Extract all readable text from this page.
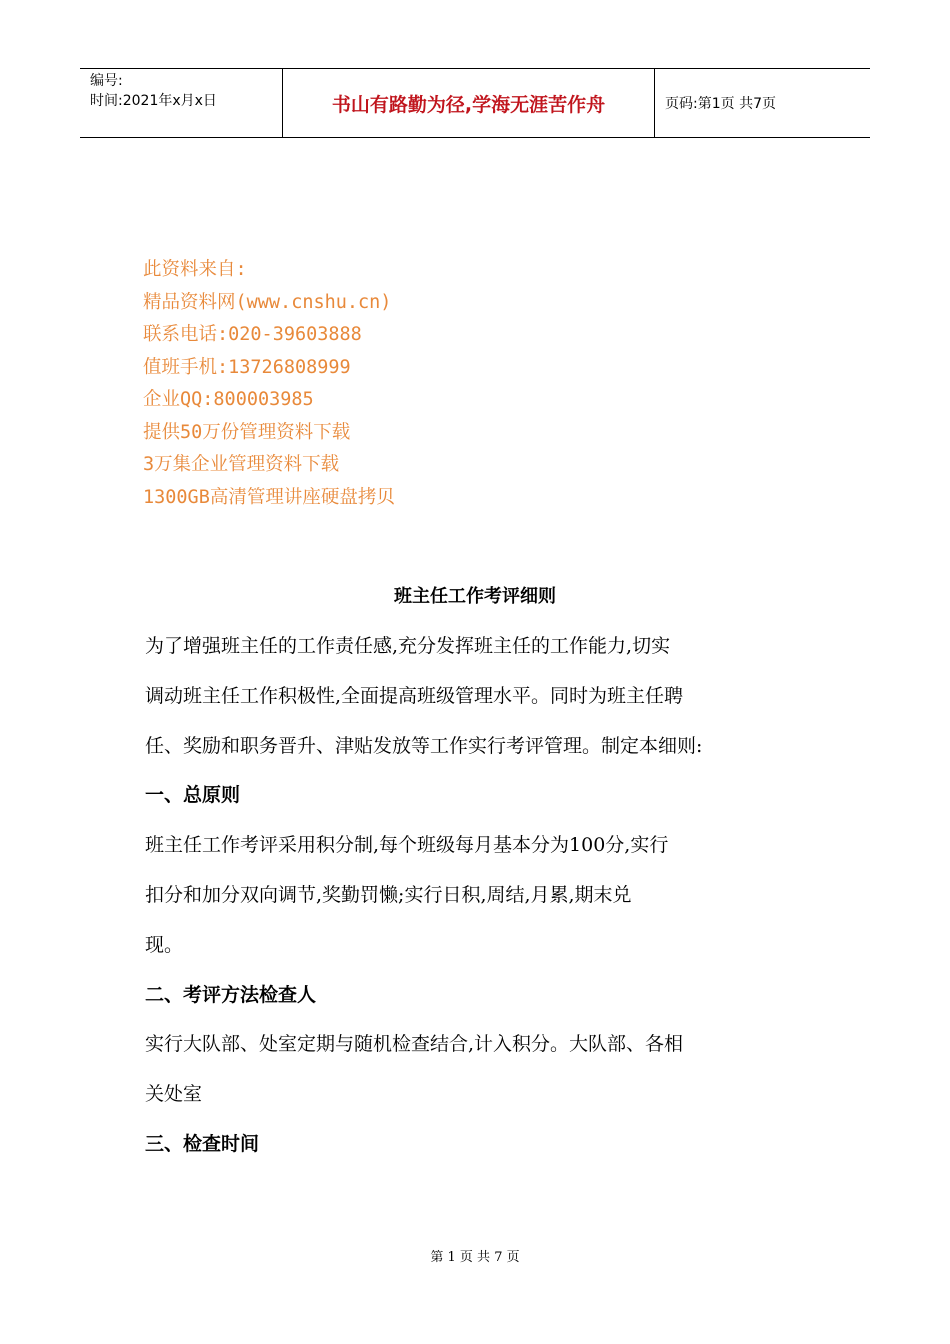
编号:
时间:2021年x月x日	书山有路勤为径,学海无涯苦作舟	页码:第1页 共7页
此资料来自:
精品资料网(www.cnshu.cn)
联系电话:020-39603888
值班手机:13726808999
企业QQ:800003985
提供50万份管理资料下载
3万集企业管理资料下载
1300GB高清管理讲座硬盘拷贝
班主任工作考评细则
为了增强班主任的工作责任感,充分发挥班主任的工作能力,切实
调动班主任工作积极性,全面提高班级管理水平。同时为班主任聘
任、奖励和职务晋升、津贴发放等工作实行考评管理。制定本细则:
一、总原则
班主任工作考评采用积分制,每个班级每月基本分为100分,实行
扣分和加分双向调节,奖勤罚懒;实行日积,周结,月累,期末兑
现。
二、考评方法检查人
实行大队部、处室定期与随机检查结合,计入积分。大队部、各相
关处室
三、检查时间
第 1 页 共 7 页
